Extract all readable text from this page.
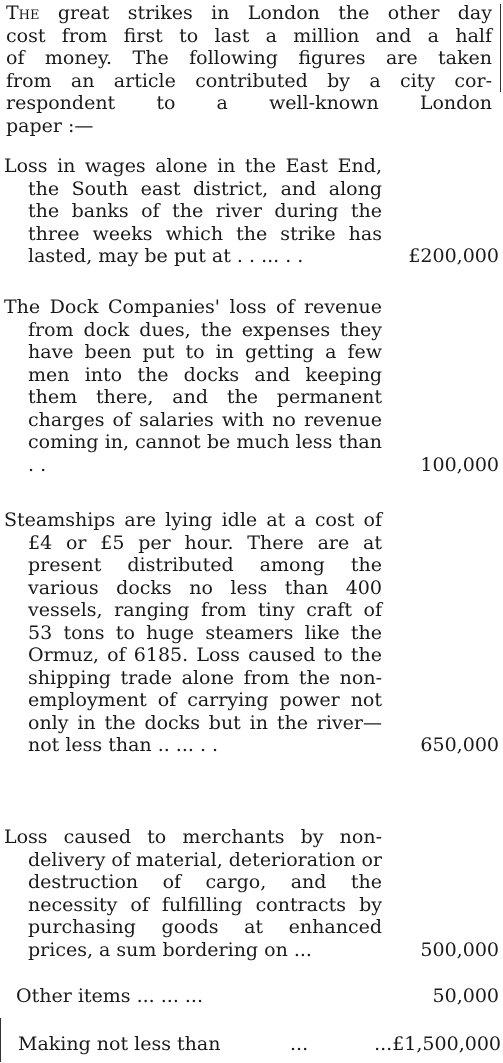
The great strikes in London the other day
cost from first to last a million and a half
of money. The following figures are taken
from an article contributed by a city cor-
respondent to a well-known London
paper :—

Loss in wages alone in the East End, the South east district, and along the banks of the river during the three weeks which the strike has lasted, may be put at . . ... . .	£200,000

The Dock Companies' loss of revenue from dock dues, the expenses they have been put to in getting a few men into the docks and keeping them there, and the permanent charges of salaries with no revenue coming in, cannot be much less than . .	100,000

Steamships are lying idle at a cost of £4 or £5 per hour. There are at present distributed among the various docks no less than 400 vessels, ranging from tiny craft of 53 tons to huge steamers like the Ormuz, of 6185. Loss caused to the shipping trade alone from the non-employment of carrying power not only in the docks but in the river—not less than .. ... . .	650,000

Loss caused to merchants by non-delivery of material, deterioration or destruction of cargo, and the necessity of fulfilling contracts by purchasing goods at enhanced prices, a sum bordering on ...	500,000

Other items ... ... ...	50,000
Making not less than	...	...£1,500,000
